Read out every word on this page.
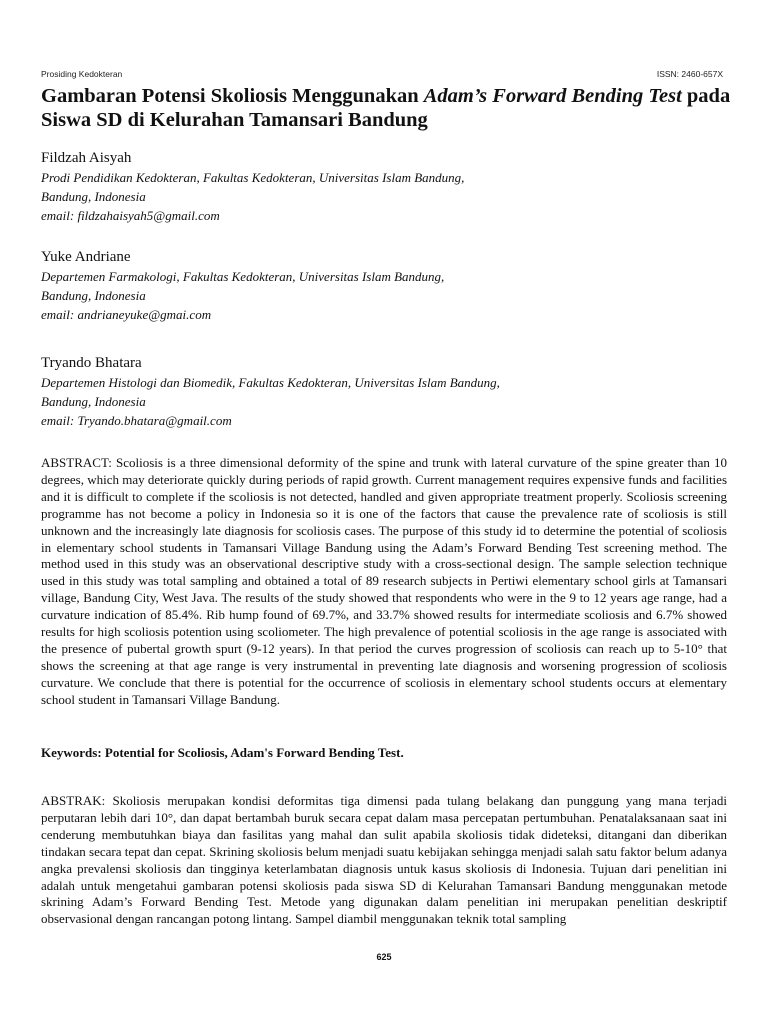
Prosiding Kedokteran	ISSN: 2460-657X
Gambaran Potensi Skoliosis Menggunakan Adam’s Forward Bending Test pada Siswa SD di Kelurahan Tamansari Bandung
Fildzah Aisyah
Prodi Pendidikan Kedokteran, Fakultas Kedokteran, Universitas Islam Bandung,
Bandung, Indonesia
email: fildzahaisyah5@gmail.com
Yuke Andriane
Departemen Farmakologi, Fakultas Kedokteran, Universitas Islam Bandung,
Bandung, Indonesia
email: andrianeyuke@gmai.com
Tryando Bhatara
Departemen Histologi dan Biomedik, Fakultas Kedokteran, Universitas Islam Bandung,
Bandung, Indonesia
email: Tryando.bhatara@gmail.com

ABSTRACT: Scoliosis is a three dimensional deformity of the spine and trunk with lateral curvature of the spine greater than 10 degrees, which may deteriorate quickly during periods of rapid growth. Current management requires expensive funds and facilities and it is difficult to complete if the scoliosis is not detected, handled and given appropriate treatment properly. Scoliosis screening programme has not become a policy in Indonesia so it is one of the factors that cause the prevalence rate of scoliosis is still unknown and the increasingly late diagnosis for scoliosis cases. The purpose of this study id to determine the potential of scoliosis in elementary school students in Tamansari Village Bandung using the Adam’s Forward Bending Test screening method. The method used in this study was an observational descriptive study with a cross-sectional design. The sample selection technique used in this study was total sampling and obtained a total of 89 research subjects in Pertiwi elementary school girls at Tamansari village, Bandung City, West Java. The results of the study showed that respondents who were in the 9 to 12 years age range, had a curvature indication of 85.4%. Rib hump found of 69.7%, and 33.7% showed results for intermediate scoliosis and 6.7% showed results for high scoliosis potention using scoliometer. The high prevalence of potential scoliosis in the age range is associated with the presence of pubertal growth spurt (9-12 years). In that period the curves progression of scoliosis can reach up to 5-10° that shows the screening at that age range is very instrumental in preventing late diagnosis and worsening progression of scoliosis curvature. We conclude that there is potential for the occurrence of scoliosis in elementary school students occurs at elementary school student in Tamansari Village Bandung.

Keywords: Potential for Scoliosis, Adam's Forward Bending Test.

ABSTRAK: Skoliosis merupakan kondisi deformitas tiga dimensi pada tulang belakang dan punggung yang mana terjadi perputaran lebih dari 10°, dan dapat bertambah buruk secara cepat dalam masa percepatan pertumbuhan. Penatalaksanaan saat ini cenderung membutuhkan biaya dan fasilitas yang mahal dan sulit apabila skoliosis tidak dideteksi, ditangani dan diberikan tindakan secara tepat dan cepat. Skrining skoliosis belum menjadi suatu kebijakan sehingga menjadi salah satu faktor belum adanya angka prevalensi skoliosis dan tingginya keterlambatan diagnosis untuk kasus skoliosis di Indonesia. Tujuan dari penelitian ini adalah untuk mengetahui gambaran potensi skoliosis pada siswa SD di Kelurahan Tamansari Bandung menggunakan metode skrining Adam’s Forward Bending Test. Metode yang digunakan dalam penelitian ini merupakan penelitian deskriptif observasional dengan rancangan potong lintang. Sampel diambil menggunakan teknik total sampling

625
